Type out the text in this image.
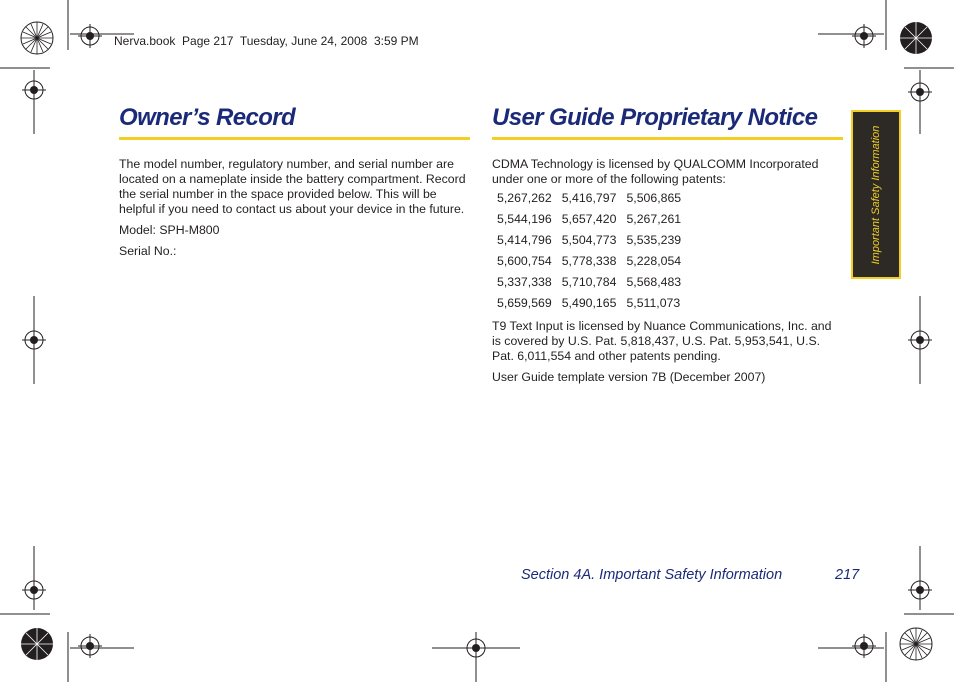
Nerva.book  Page 217  Tuesday, June 24, 2008  3:59 PM
Owner’s Record

The model number, regulatory number, and serial number are located on a nameplate inside the battery compartment. Record the serial number in the space provided below. This will be helpful if you need to contact us about your device in the future.

Model: SPH-M800

Serial No.:

User Guide Proprietary Notice

CDMA Technology is licensed by QUALCOMM Incorporated under one or more of the following patents:

5,267,262	5,416,797	5,506,865
5,544,196	5,657,420	5,267,261
5,414,796	5,504,773	5,535,239
5,600,754	5,778,338	5,228,054
5,337,338	5,710,784	5,568,483
5,659,569	5,490,165	5,511,073

T9 Text Input is licensed by Nuance Communications, Inc. and is covered by U.S. Pat. 5,818,437, U.S. Pat. 5,953,541, U.S. Pat. 6,011,554 and other patents pending.

User Guide template version 7B (December 2007)

Important Safety Information
Section 4A. Important Safety Information	217
